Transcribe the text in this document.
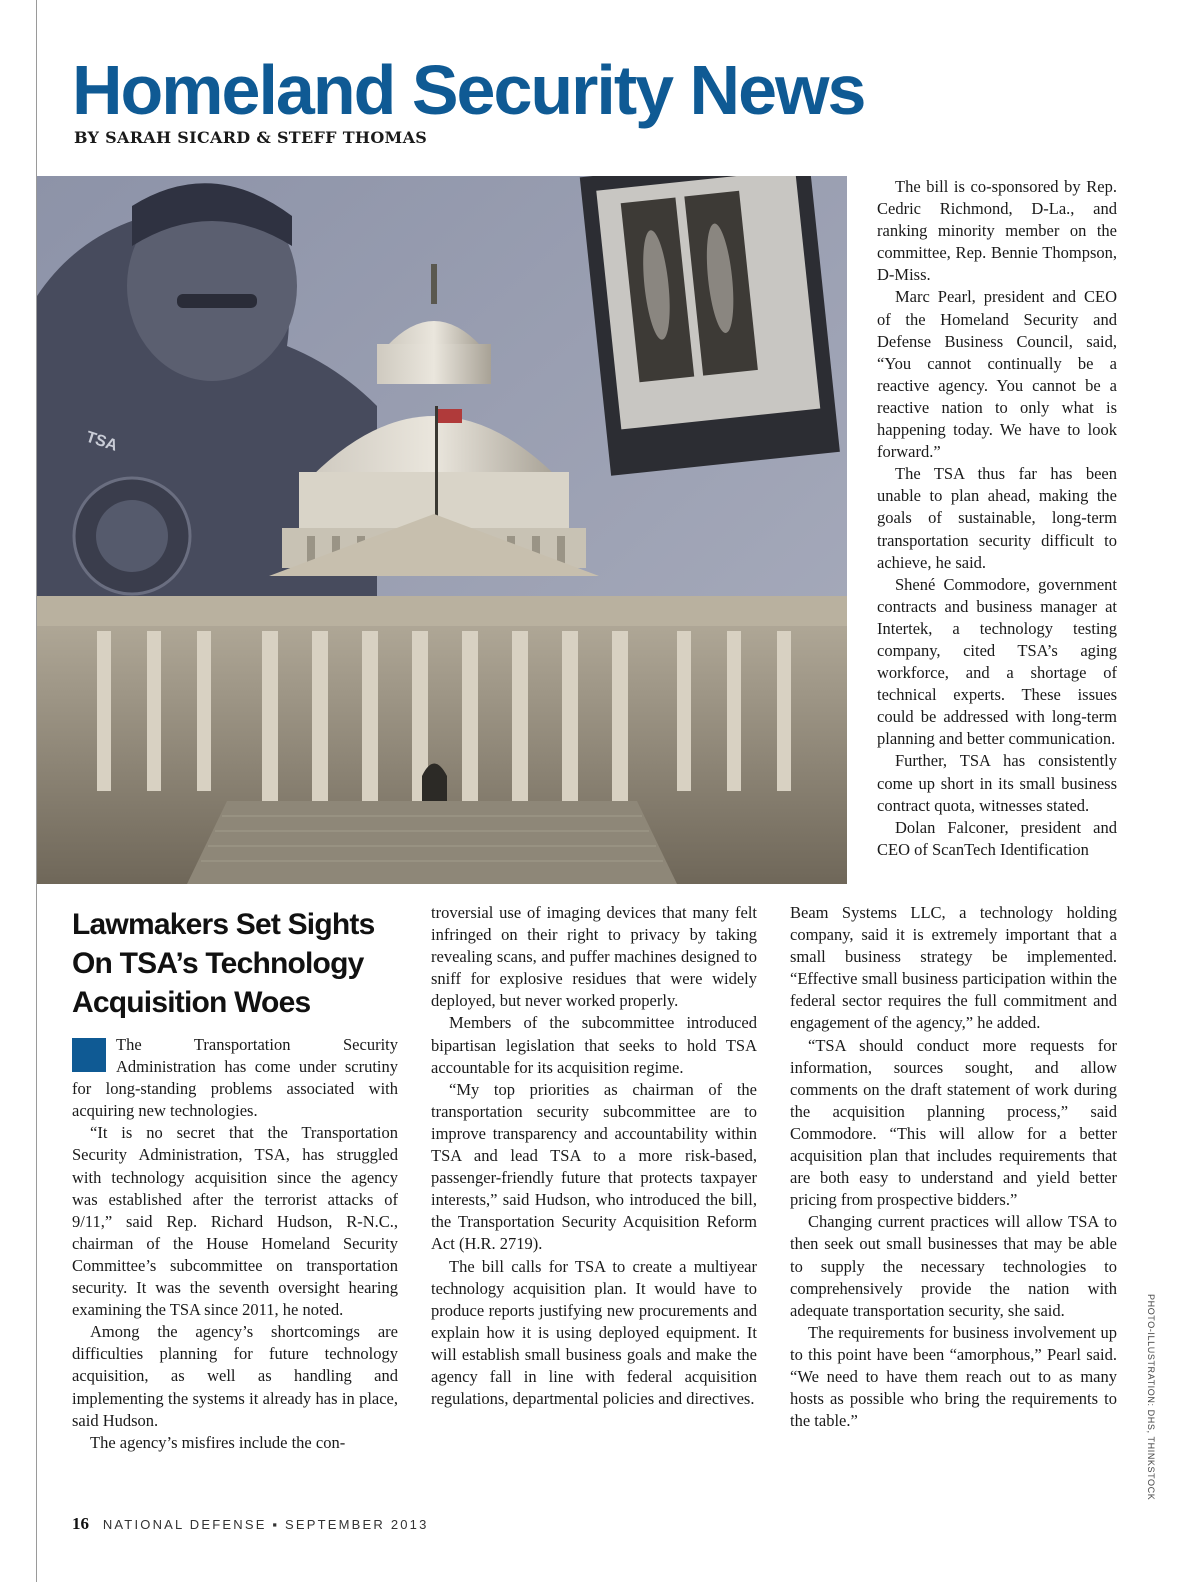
Homeland Security News
BY SARAH SICARD & STEFF THOMAS
TSA

The bill is co-sponsored by Rep. Cedric Richmond, D-La., and ranking minority member on the committee, Rep. Bennie Thompson, D-Miss.

Marc Pearl, president and CEO of the Homeland Security and Defense Business Council, said, “You cannot continually be a reactive agency. You cannot be a reactive nation to only what is happening today. We have to look forward.”

The TSA thus far has been unable to plan ahead, making the goals of sustainable, long-term transportation security difficult to achieve, he said.

Shené Commodore, government contracts and business manager at Intertek, a technology testing company, cited TSA’s aging workforce, and a shortage of technical experts. These issues could be addressed with long-term planning and better communication.

Further, TSA has consistently come up short in its small business contract quota, witnesses stated.

Dolan Falconer, president and CEO of ScanTech Identification

Lawmakers Set Sights
On TSA’s Technology
Acquisition Woes

The Transportation Security Administration has come under scrutiny for long-standing problems associated with acquiring new technologies.

“It is no secret that the Transportation Security Administration, TSA, has struggled with technology acquisition since the agency was established after the terrorist attacks of 9/11,” said Rep. Richard Hudson, R-N.C., chairman of the House Homeland Security Committee’s subcommittee on transportation security. It was the seventh oversight hearing examining the TSA since 2011, he noted.

Among the agency’s shortcomings are difficulties planning for future technology acquisition, as well as handling and implementing the systems it already has in place, said Hudson.

The agency’s misfires include the con-

troversial use of imaging devices that many felt infringed on their right to privacy by taking revealing scans, and puffer machines designed to sniff for explosive residues that were widely deployed, but never worked properly.

Members of the subcommittee introduced bipartisan legislation that seeks to hold TSA accountable for its acquisition regime.

“My top priorities as chairman of the transportation security subcommittee are to improve transparency and accountability within TSA and lead TSA to a more risk-based, passenger-friendly future that protects taxpayer interests,” said Hudson, who introduced the bill, the Transportation Security Acquisition Reform Act (H.R. 2719).

The bill calls for TSA to create a multiyear technology acquisition plan. It would have to produce reports justifying new procurements and explain how it is using deployed equipment. It will establish small business goals and make the agency fall in line with federal acquisition regulations, departmental policies and directives.

Beam Systems LLC, a technology holding company, said it is extremely important that a small business strategy be implemented. “Effective small business participation within the federal sector requires the full commitment and engagement of the agency,” he added.

“TSA should conduct more requests for information, sources sought, and allow comments on the draft statement of work during the acquisition planning process,” said Commodore. “This will allow for a better acquisition plan that includes requirements that are both easy to understand and yield better pricing from prospective bidders.”

Changing current practices will allow TSA to then seek out small businesses that may be able to supply the necessary technologies to comprehensively provide the nation with adequate transportation security, she said.

The requirements for business involvement up to this point have been “amorphous,” Pearl said. “We need to have them reach out to as many hosts as possible who bring the requirements to the table.”

16 NATIONAL DEFENSE ▪ SEPTEMBER 2013
PHOTO-ILLUSTRATION: DHS, THINKSTOCK
